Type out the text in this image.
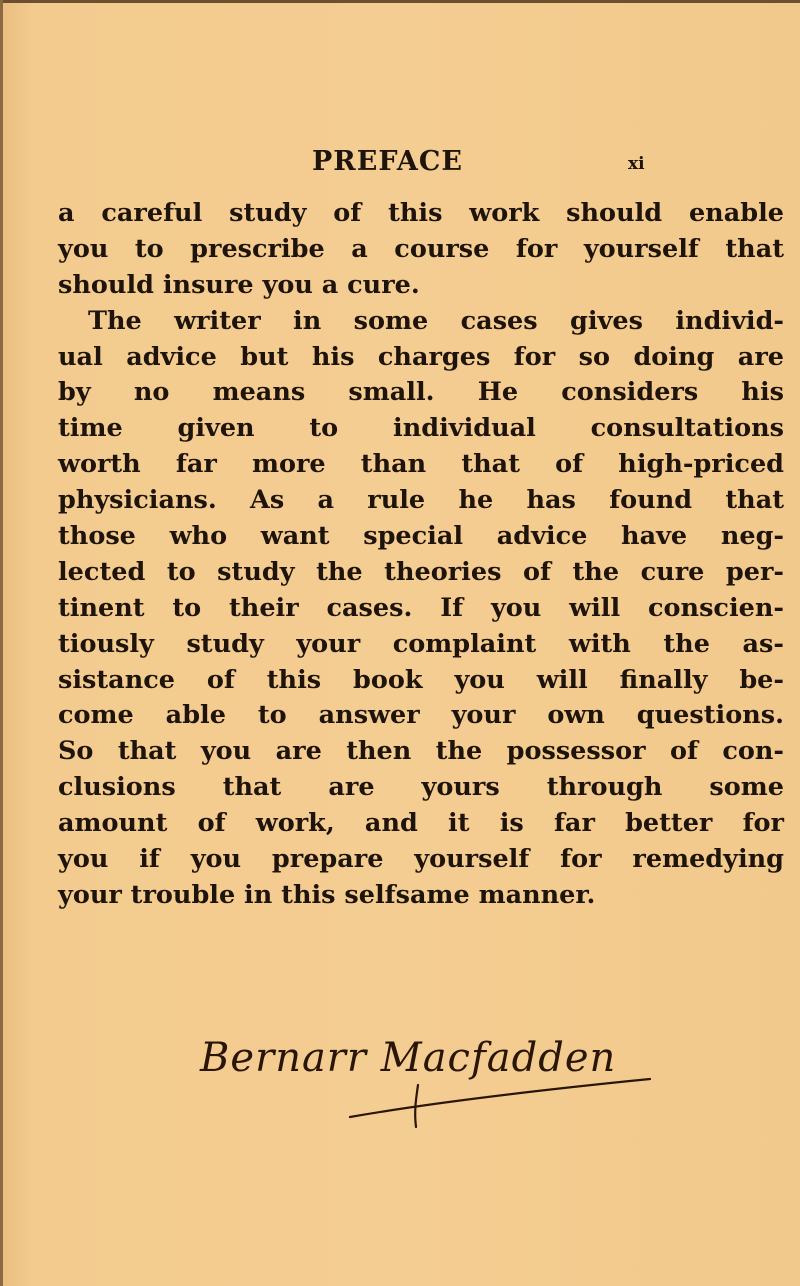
PREFACE	xi
a careful study of this work should enable
you to prescribe a course for yourself that
should insure you a cure.
The writer in some cases gives individ-
ual advice but his charges for so doing are
by no means small. He considers his
time given to individual consultations
worth far more than that of high-priced
physicians. As a rule he has found that
those who want special advice have neg-
lected to study the theories of the cure per-
tinent to their cases. If you will conscien-
tiously study your complaint with the as-
sistance of this book you will finally be-
come able to answer your own questions.
So that you are then the possessor of con-
clusions that are yours through some
amount of work, and it is far better for
you if you prepare yourself for remedying
your trouble in this selfsame manner.
Bernarr Macfadden
